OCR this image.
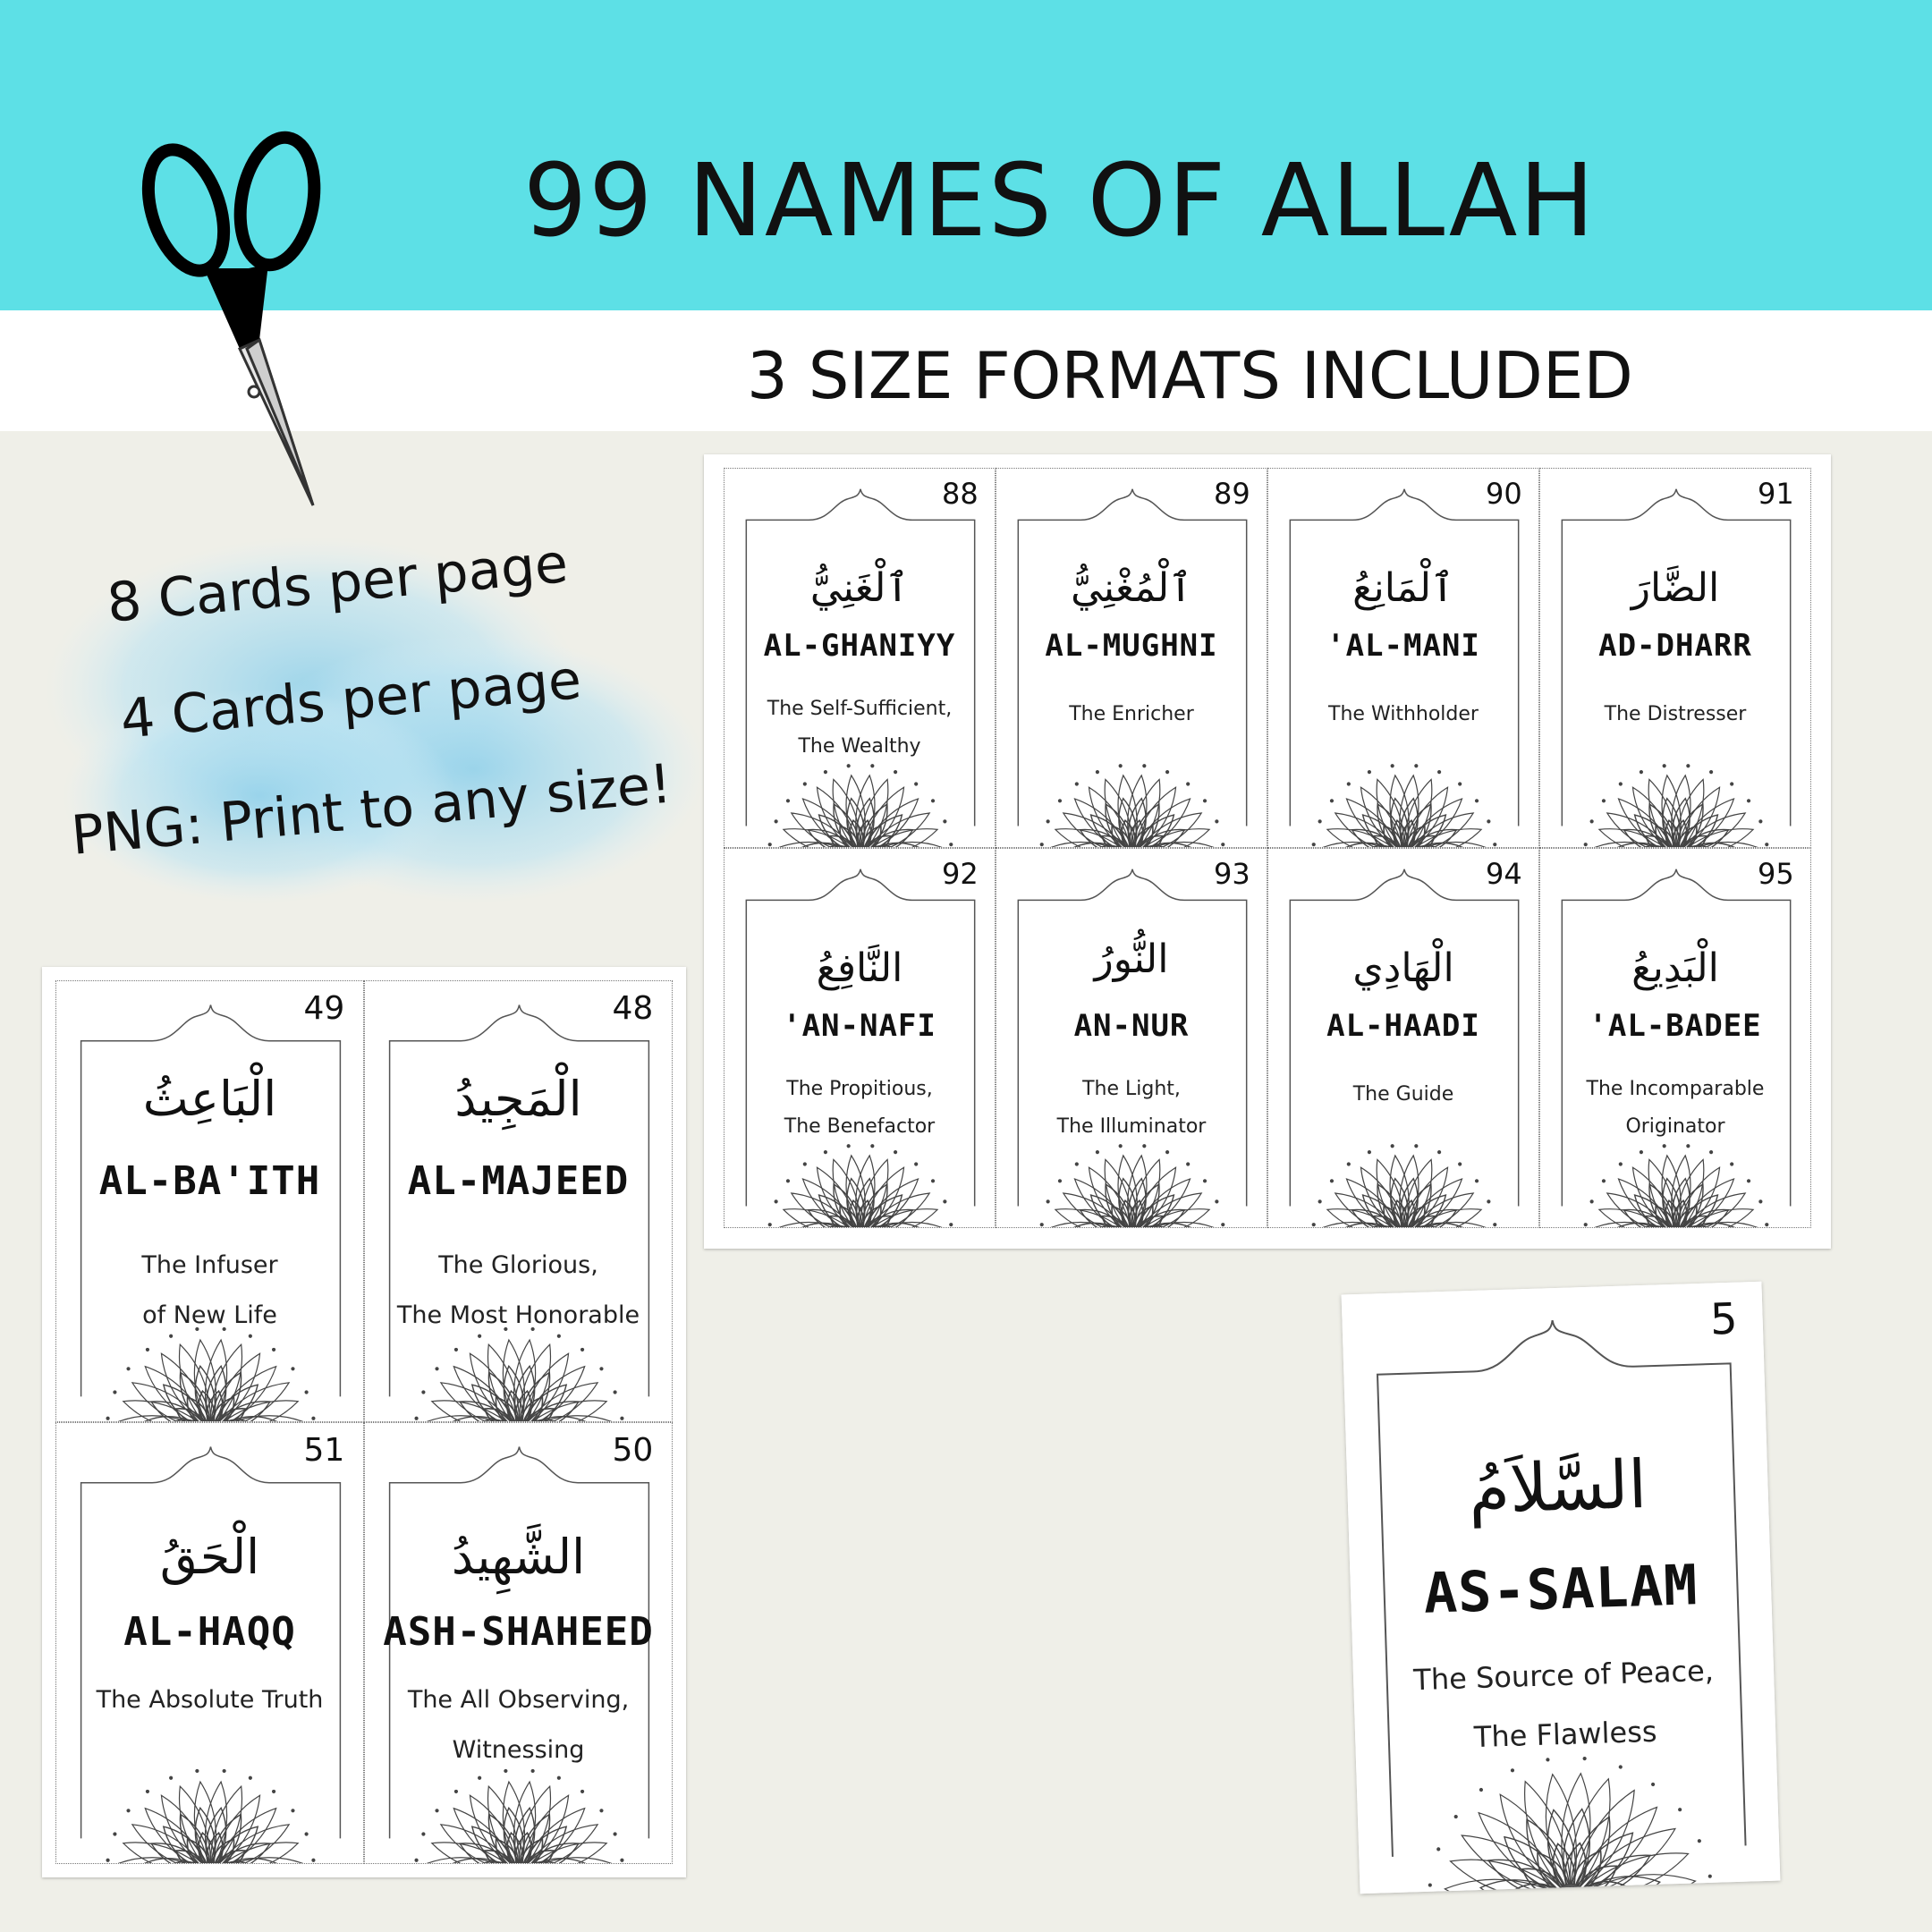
99 NAMES OF ALLAH
3 SIZE FORMATS INCLUDED
8 Cards per page
4 Cards per page
PNG: Print to any size!
88
ٱلْغَنِيُّ
AL-GHANIYY
The Self-Sufficient,
The Wealthy
89
ٱلْمُغْنِيُّ
AL-MUGHNI
The Enricher
90
ٱلْمَانِعُ
'AL-MANI
The Withholder
91
الضَّارَ
AD-DHARR
The Distresser
92
النَّافِعُ
'AN-NAFI
The Propitious,
The Benefactor
93
النُّورُ
AN-NUR
The Light,
The Illuminator
94
الْهَادِي
AL-HAADI
The Guide
95
الْبَدِيعُ
'AL-BADEE
The Incomparable
Originator
49
الْبَاعِثُ
AL-BA'ITH
The Infuser
of New Life
48
الْمَجِيدُ
AL-MAJEED
The Glorious,
The Most Honorable
51
الْحَقُ
AL-HAQQ
The Absolute Truth
50
الشَّهِيدُ
ASH-SHAHEED
The All Observing,
Witnessing
5
السَّلاَمُ
AS-SALAM
The Source of Peace,
The Flawless
